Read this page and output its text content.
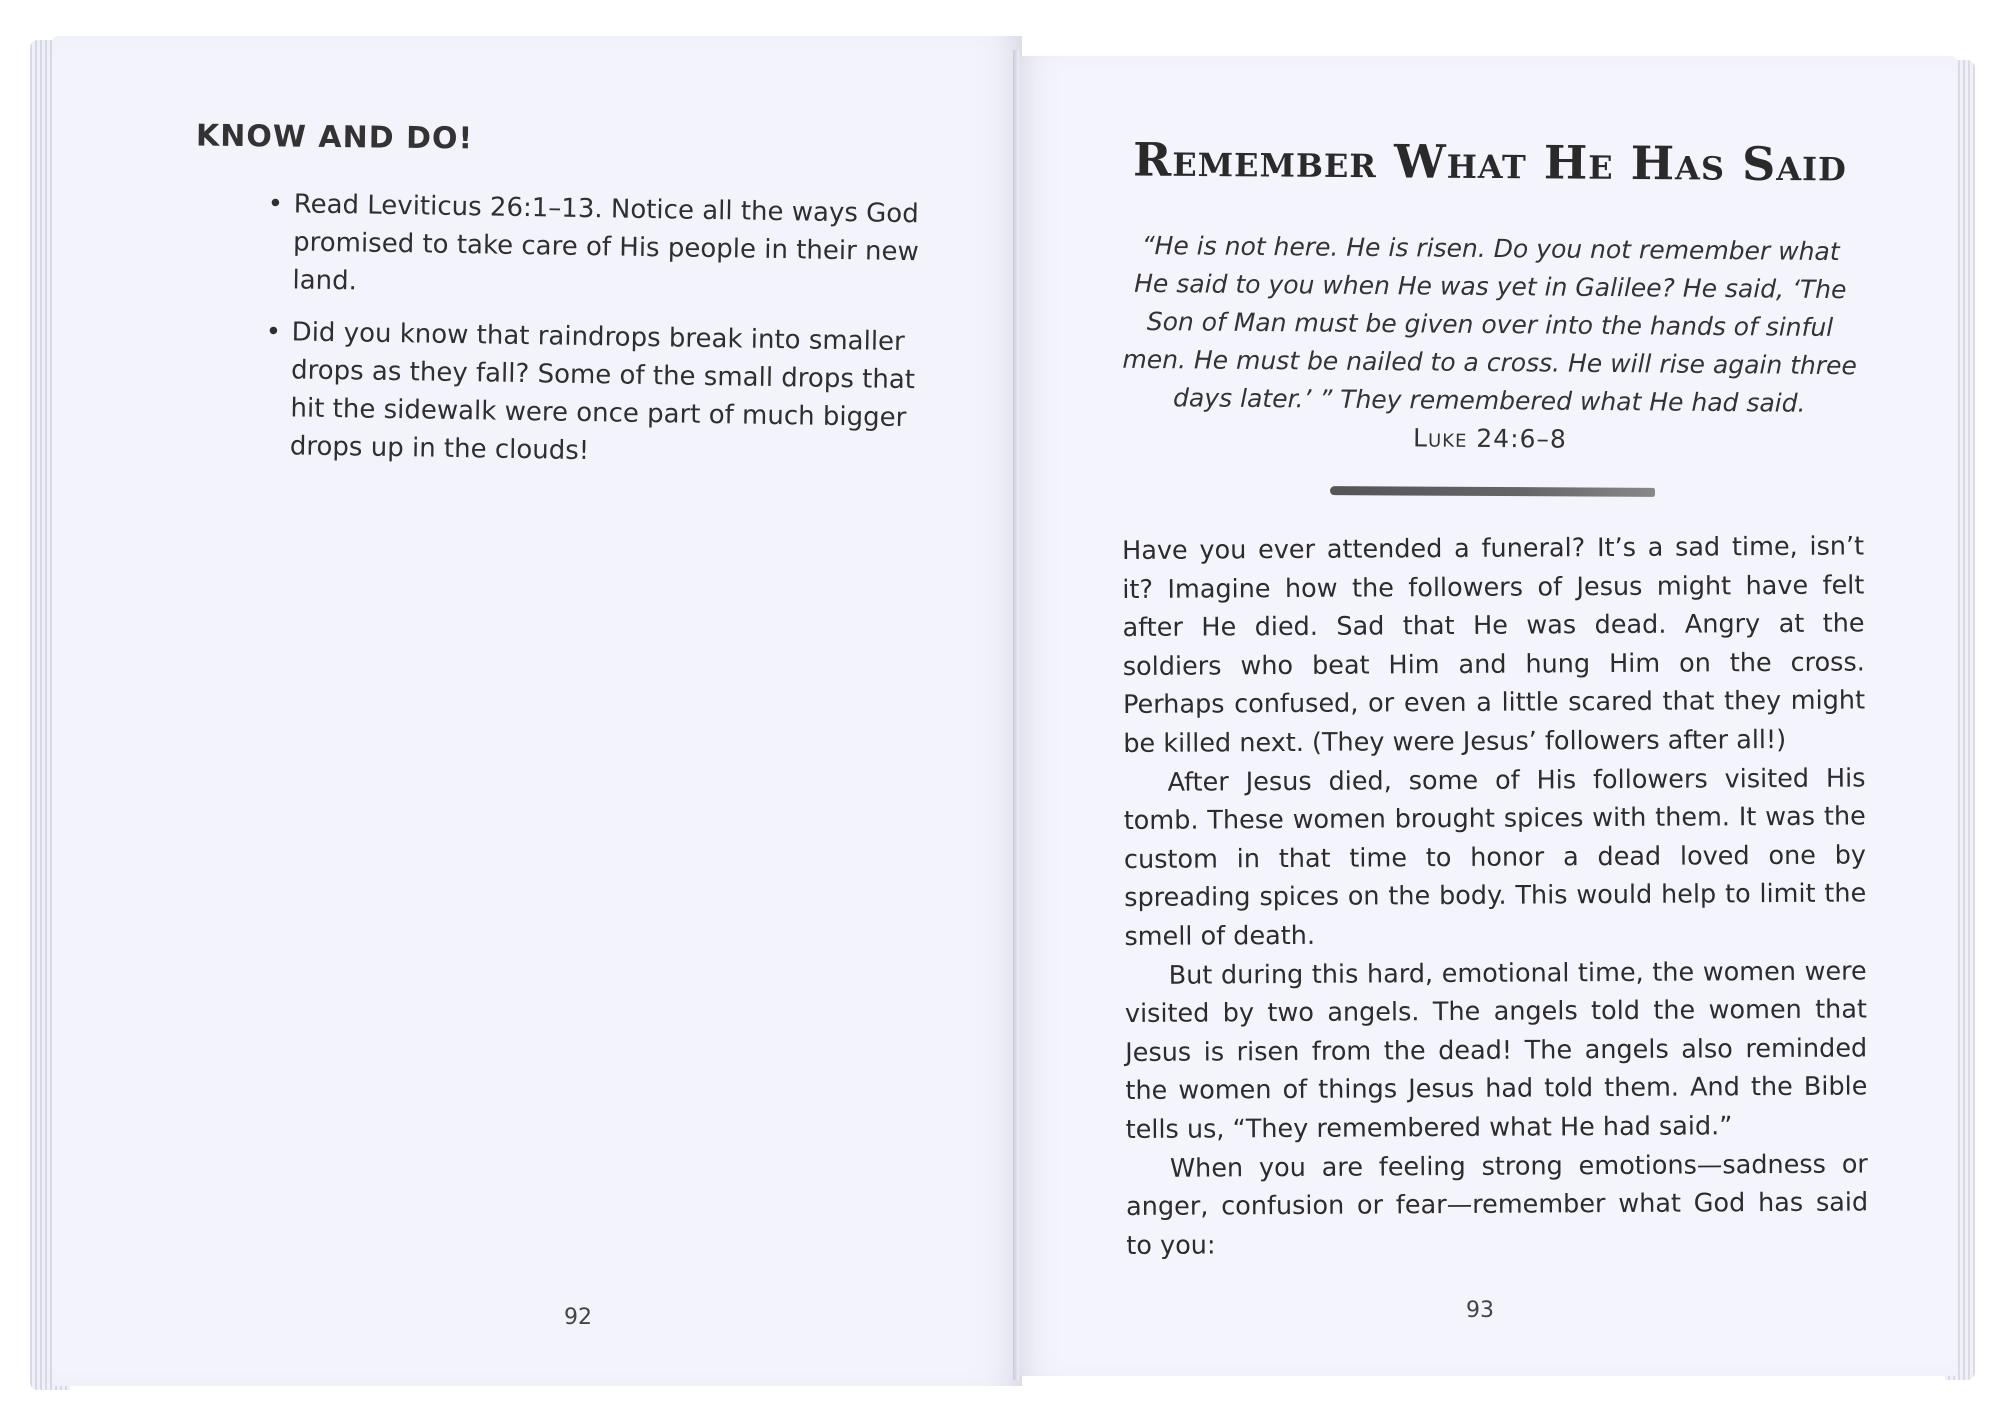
KNOW AND DO!
• Read Leviticus 26:1–13. Notice all the ways God promised to take care of His people in their new land.
• Did you know that raindrops break into smaller drops as they fall? Some of the small drops that hit the sidewalk were once part of much bigger drops up in the clouds!
92
Remember What He Has Said

“He is not here. He is risen. Do you not remember what He said to you when He was yet in Galilee? He said, ‘The Son of Man must be given over into the hands of sinful men. He must be nailed to a cross. He will rise again three days later.’ ” They remembered what He had said.

Luke 24:6–8

Have you ever attended a funeral? It’s a sad time, isn’t it? Imagine how the followers of Jesus might have felt after He died. Sad that He was dead. Angry at the soldiers who beat Him and hung Him on the cross. Perhaps confused, or even a little scared that they might be killed next. (They were Jesus’ followers after all!)

After Jesus died, some of His followers visited His tomb. These women brought spices with them. It was the custom in that time to honor a dead loved one by spreading spices on the body. This would help to limit the smell of death.

But during this hard, emotional time, the women were visited by two angels. The angels told the women that Jesus is risen from the dead! The angels also reminded the women of things Jesus had told them. And the Bible tells us, “They remembered what He had said.”

When you are feeling strong emotions—sadness or anger, confusion or fear—remember what God has said to you:

93
